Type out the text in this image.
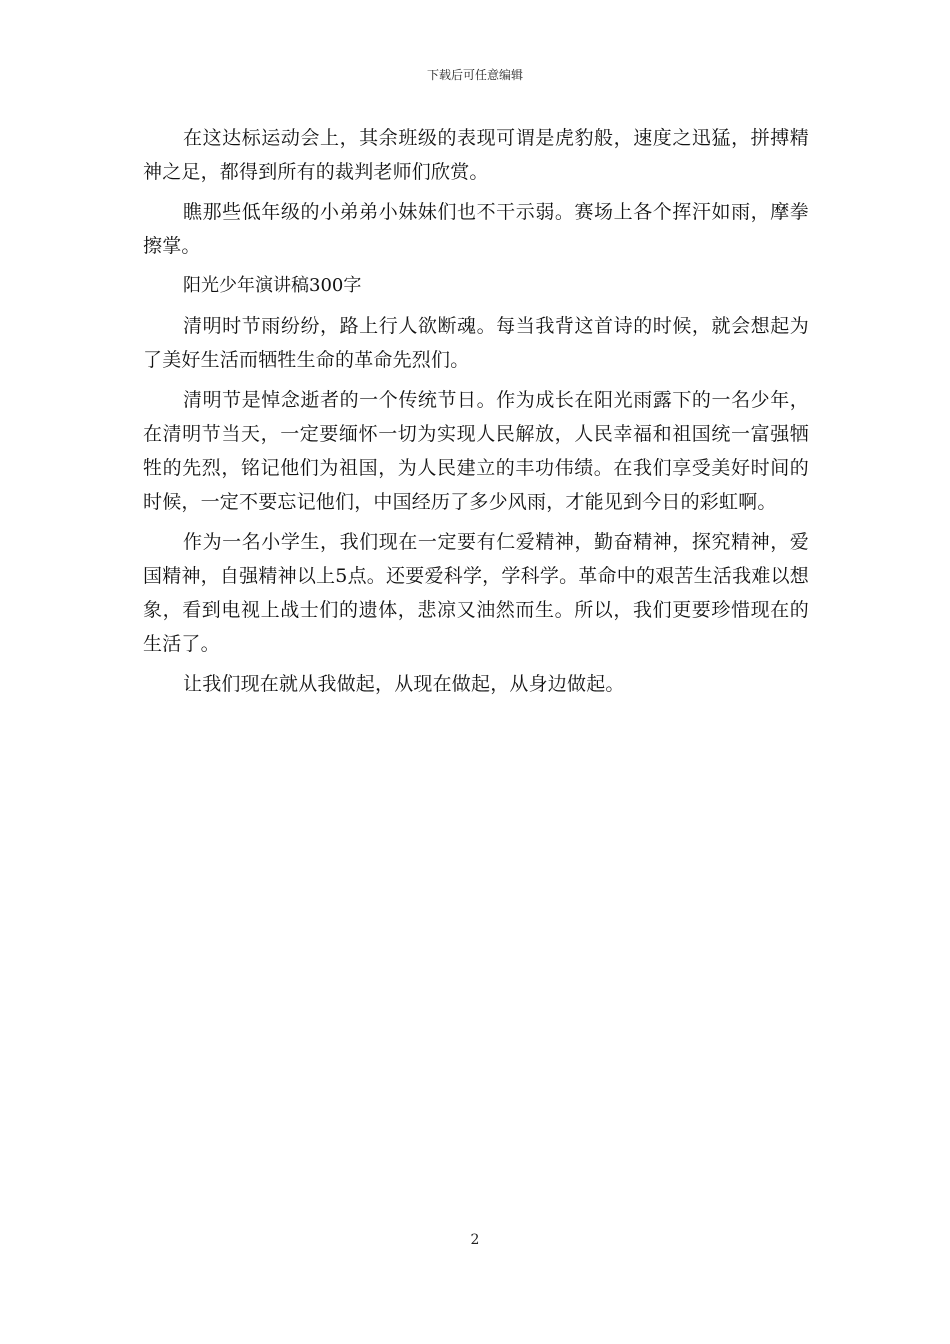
下载后可任意编辑

在这达标运动会上，其余班级的表现可谓是虎豹般，速度之迅猛，拼搏精神之足，都得到所有的裁判老师们欣赏。

瞧那些低年级的小弟弟小妹妹们也不干示弱。赛场上各个挥汗如雨，摩拳擦掌。

阳光少年演讲稿300字

清明时节雨纷纷，路上行人欲断魂。每当我背这首诗的时候，就会想起为了美好生活而牺牲生命的革命先烈们。

清明节是悼念逝者的一个传统节日。作为成长在阳光雨露下的一名少年，在清明节当天，一定要缅怀一切为实现人民解放，人民幸福和祖国统一富强牺牲的先烈，铭记他们为祖国，为人民建立的丰功伟绩。在我们享受美好时间的时候，一定不要忘记他们，中国经历了多少风雨，才能见到今日的彩虹啊。

作为一名小学生，我们现在一定要有仁爱精神，勤奋精神，探究精神，爱国精神，自强精神以上5点。还要爱科学，学科学。革命中的艰苦生活我难以想象，看到电视上战士们的遗体，悲凉又油然而生。所以，我们更要珍惜现在的生活了。

让我们现在就从我做起，从现在做起，从身边做起。

2
